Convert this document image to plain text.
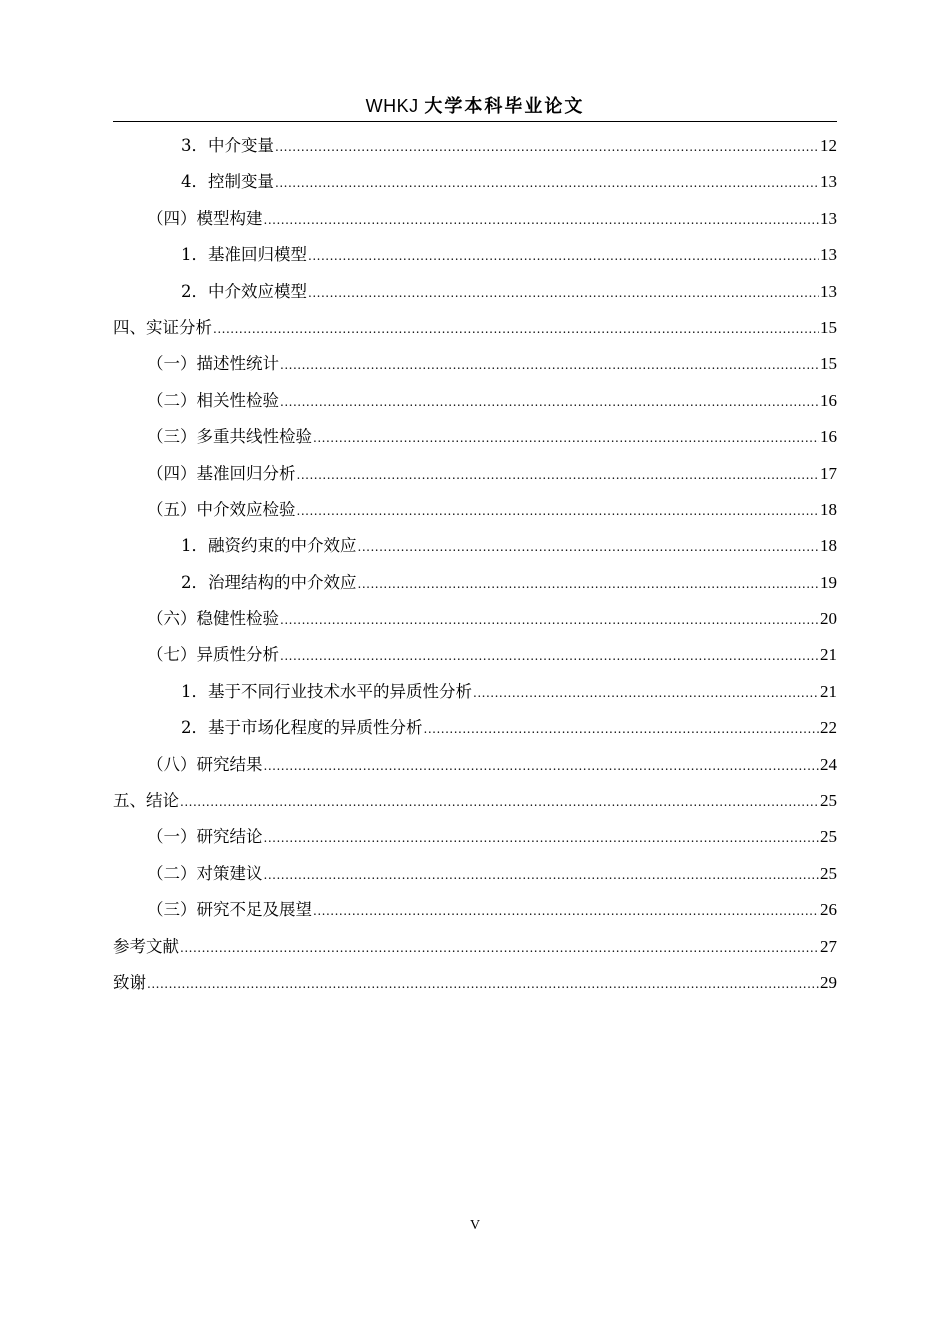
WHKJ 大学本科毕业论文
3．中介变量 .....	12
4．控制变量 .....	13
（四）模型构建 .....	13
1．基准回归模型 .....	13
2．中介效应模型 .....	13
四、实证分析 .....	15
（一）描述性统计 .....	15
（二）相关性检验 .....	16
（三）多重共线性检验 .....	16
（四）基准回归分析 .....	17
（五）中介效应检验 .....	18
1．融资约束的中介效应 .....	18
2．治理结构的中介效应 .....	19
（六）稳健性检验 .....	20
（七）异质性分析 .....	21
1．基于不同行业技术水平的异质性分析 .....	21
2．基于市场化程度的异质性分析 .....	22
（八）研究结果 .....	24
五、结论 .....	25
（一）研究结论 .....	25
（二）对策建议 .....	25
（三）研究不足及展望 .....	26
参考文献 .....	27
致谢 .....	29
V
